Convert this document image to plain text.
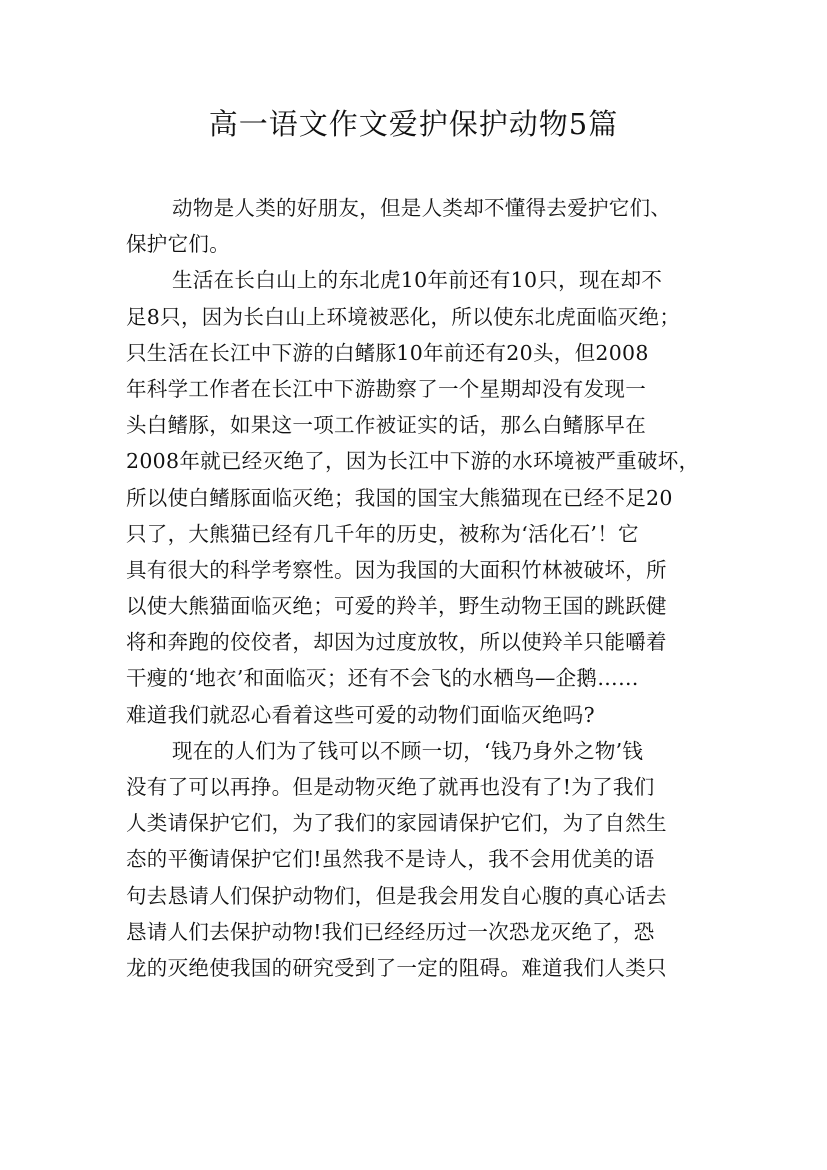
高一语文作文爱护保护动物5篇
动物是人类的好朋友，但是人类却不懂得去爱护它们、
保护它们。
生活在长白山上的东北虎10年前还有10只，现在却不
足8只，因为长白山上环境被恶化，所以使东北虎面临灭绝；
只生活在长江中下游的白鳍豚10年前还有20头，但2008
年科学工作者在长江中下游勘察了一个星期却没有发现一
头白鳍豚，如果这一项工作被证实的话，那么白鳍豚早在
2008年就已经灭绝了，因为长江中下游的水环境被严重破坏，
所以使白鳍豚面临灭绝；我国的国宝大熊猫现在已经不足20
只了，大熊猫已经有几千年的历史，被称为‘活化石’！它
具有很大的科学考察性。因为我国的大面积竹林被破坏，所
以使大熊猫面临灭绝；可爱的羚羊，野生动物王国的跳跃健
将和奔跑的佼佼者，却因为过度放牧，所以使羚羊只能嚼着
干瘦的‘地衣’和面临灭；还有不会飞的水栖鸟—企鹅……
难道我们就忍心看着这些可爱的动物们面临灭绝吗?
现在的人们为了钱可以不顾一切，‘钱乃身外之物’钱
没有了可以再挣。但是动物灭绝了就再也没有了!为了我们
人类请保护它们，为了我们的家园请保护它们，为了自然生
态的平衡请保护它们!虽然我不是诗人，我不会用优美的语
句去恳请人们保护动物们，但是我会用发自心腹的真心话去
恳请人们去保护动物!我们已经经历过一次恐龙灭绝了，恐
龙的灭绝使我国的研究受到了一定的阻碍。难道我们人类只
